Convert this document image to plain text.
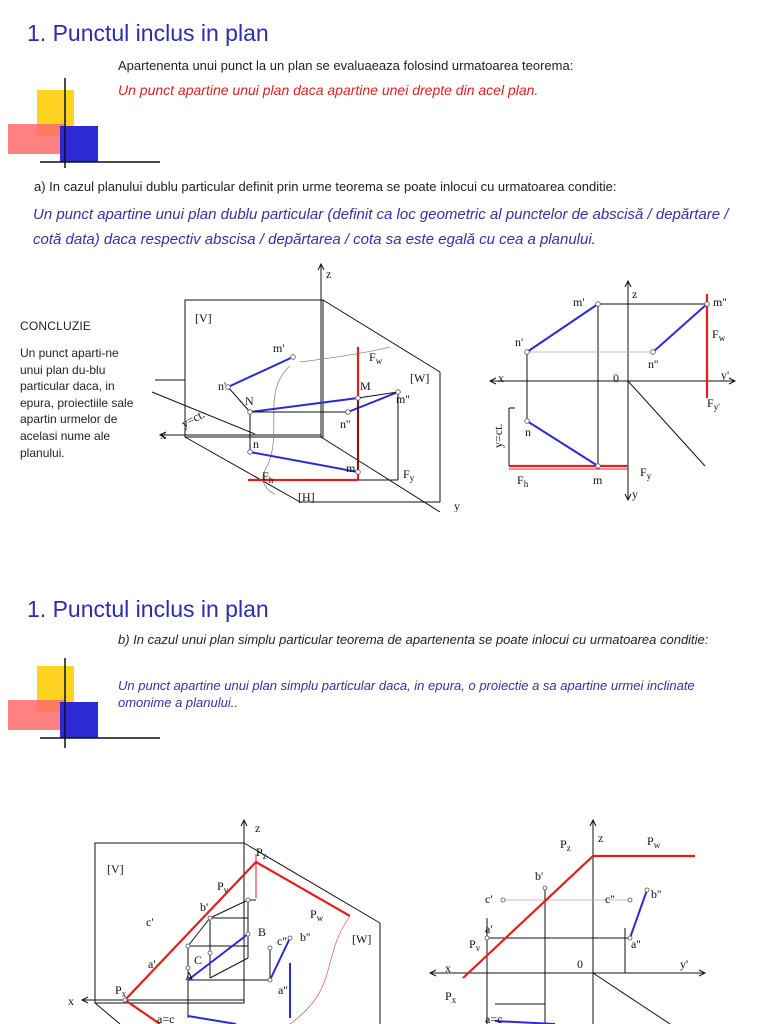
1. Punctul inclus in plan

Apartenenta unui punct la un plan se evaluaeaza folosind urmatoarea teorema:

Un punct apartine unui plan daca apartine unei drepte din acel plan.

a) In cazul planului dublu particular definit prin urme teorema se poate inlocui cu urmatoarea conditie:

Un punct apartine unui plan dublu particular (definit ca loc geometric al punctelor de abscisă / depărtare / cotă data) daca respectiv abscisa / depărtarea / cota sa este egală cu cea a planului.

CONCLUZIE

Un punct aparti-ne unui plan du-blu particular daca, in epura, proiectiile sale apartin urmelor de acelasi nume ale planului.

[V]
[W]
[H]
z
x
y
m'
n'
N
M
m''
n''
n
m
$F_w$
$F_h$	$F_y$
y=ct.
z
x	y'
0
y
m'	m''
n'
n''
n
m
$F_w$
$F_{y'}$
$F_h$
$F_y$
y=ct.
1. Punctul inclus in plan

b) In cazul unui plan simplu particular teorema de apartenenta se poate inlocui cu urmatoarea conditie:

Un punct apartine unui plan simplu particular daca, in epura, o proiectie a sa apartine urmei inclinate omonime a planului..

[V]
[W]
z
x
$P_z$
$P_v$
$P_w$
$P_x$
b'
c'
a'
B
C
A
c'' b''
a''
a=c
z
x	y'
0
$P_z$	$P_w$
$P_v$
$P_x$
b'
c'
a'
c''	b''
a''
a=c
